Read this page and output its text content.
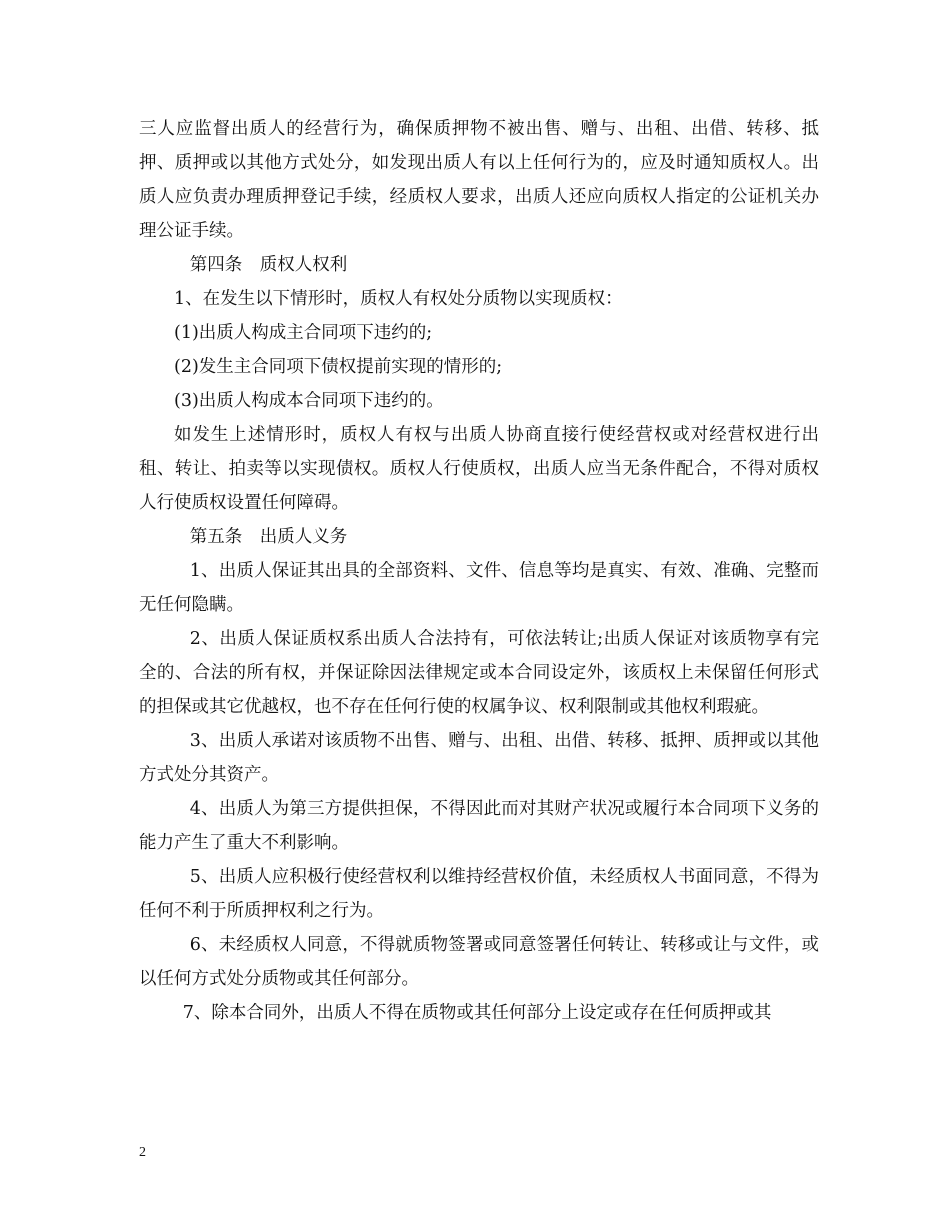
三人应监督出质人的经营行为，确保质押物不被出售、赠与、出租、出借、转移、抵押、质押或以其他方式处分，如发现出质人有以上任何行为的，应及时通知质权人。出质人应负责办理质押登记手续，经质权人要求，出质人还应向质权人指定的公证机关办理公证手续。

第四条　质权人权利

1、在发生以下情形时，质权人有权处分质物以实现质权：

(1)出质人构成主合同项下违约的;

(2)发生主合同项下债权提前实现的情形的;

(3)出质人构成本合同项下违约的。

如发生上述情形时，质权人有权与出质人协商直接行使经营权或对经营权进行出租、转让、拍卖等以实现债权。质权人行使质权，出质人应当无条件配合，不得对质权人行使质权设置任何障碍。

第五条　出质人义务

1、出质人保证其出具的全部资料、文件、信息等均是真实、有效、准确、完整而无任何隐瞒。

2、出质人保证质权系出质人合法持有，可依法转让;出质人保证对该质物享有完全的、合法的所有权，并保证除因法律规定或本合同设定外，该质权上未保留任何形式的担保或其它优越权，也不存在任何行使的权属争议、权利限制或其他权利瑕疵。

3、出质人承诺对该质物不出售、赠与、出租、出借、转移、抵押、质押或以其他方式处分其资产。

4、出质人为第三方提供担保，不得因此而对其财产状况或履行本合同项下义务的能力产生了重大不利影响。

5、出质人应积极行使经营权利以维持经营权价值，未经质权人书面同意，不得为任何不利于所质押权利之行为。

6、未经质权人同意，不得就质物签署或同意签署任何转让、转移或让与文件，或以任何方式处分质物或其任何部分。

7、除本合同外，出质人不得在质物或其任何部分上设定或存在任何质押或其

2
